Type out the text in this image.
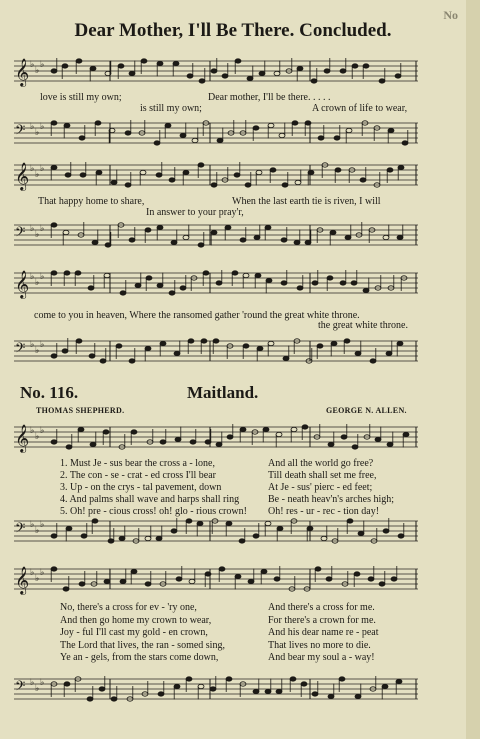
No
Dear Mother, I'll Be There. Concluded.
𝄞 ♭
♭
♭
love is still my own;	Dear mother, I'll be there. . . . .
is still my own;	A crown of life to wear,
𝄢 ♭
♭
♭
𝄞 ♭
♭
♭
That happy home to share,	When the last earth tie is riven, I will
In answer to your pray'r,
𝄢 ♭
♭
♭
𝄞 ♭
♭
♭
come to you in heaven, Where the ransomed gather 'round the great white throne.
the great white throne.
𝄢 ♭
♭
♭
No. 116.	Maitland.
THOMAS SHEPHERD.	GEORGE N. ALLEN.
𝄞 ♭
♭
♭
1. Must Je - sus bear the cross a - lone,	And all the world go free?
2. The con - se - crat - ed cross I'll bear	Till death shall set me free,
3. Up - on the crys - tal pavement, down	At Je - sus' pierc - ed feet;
4. And palms shall wave and harps shall ring	Be - neath heav'n's arches high;
5. Oh! pre - cious cross! oh! glo - rious crown! Oh! res - ur - rec - tion day!
𝄢 ♭
♭
♭
𝄞 ♭
♭
♭
No, there's a cross for ev - 'ry one,	And there's a cross for me.
And then go home my crown to wear,	For there's a crown for me.
Joy - ful I'll cast my gold - en crown,	And his dear name re - peat
The Lord that lives, the ran - somed sing,	That lives no more to die.
Ye an - gels, from the stars come down,	And bear my soul a - way!
𝄢 ♭
♭
♭
